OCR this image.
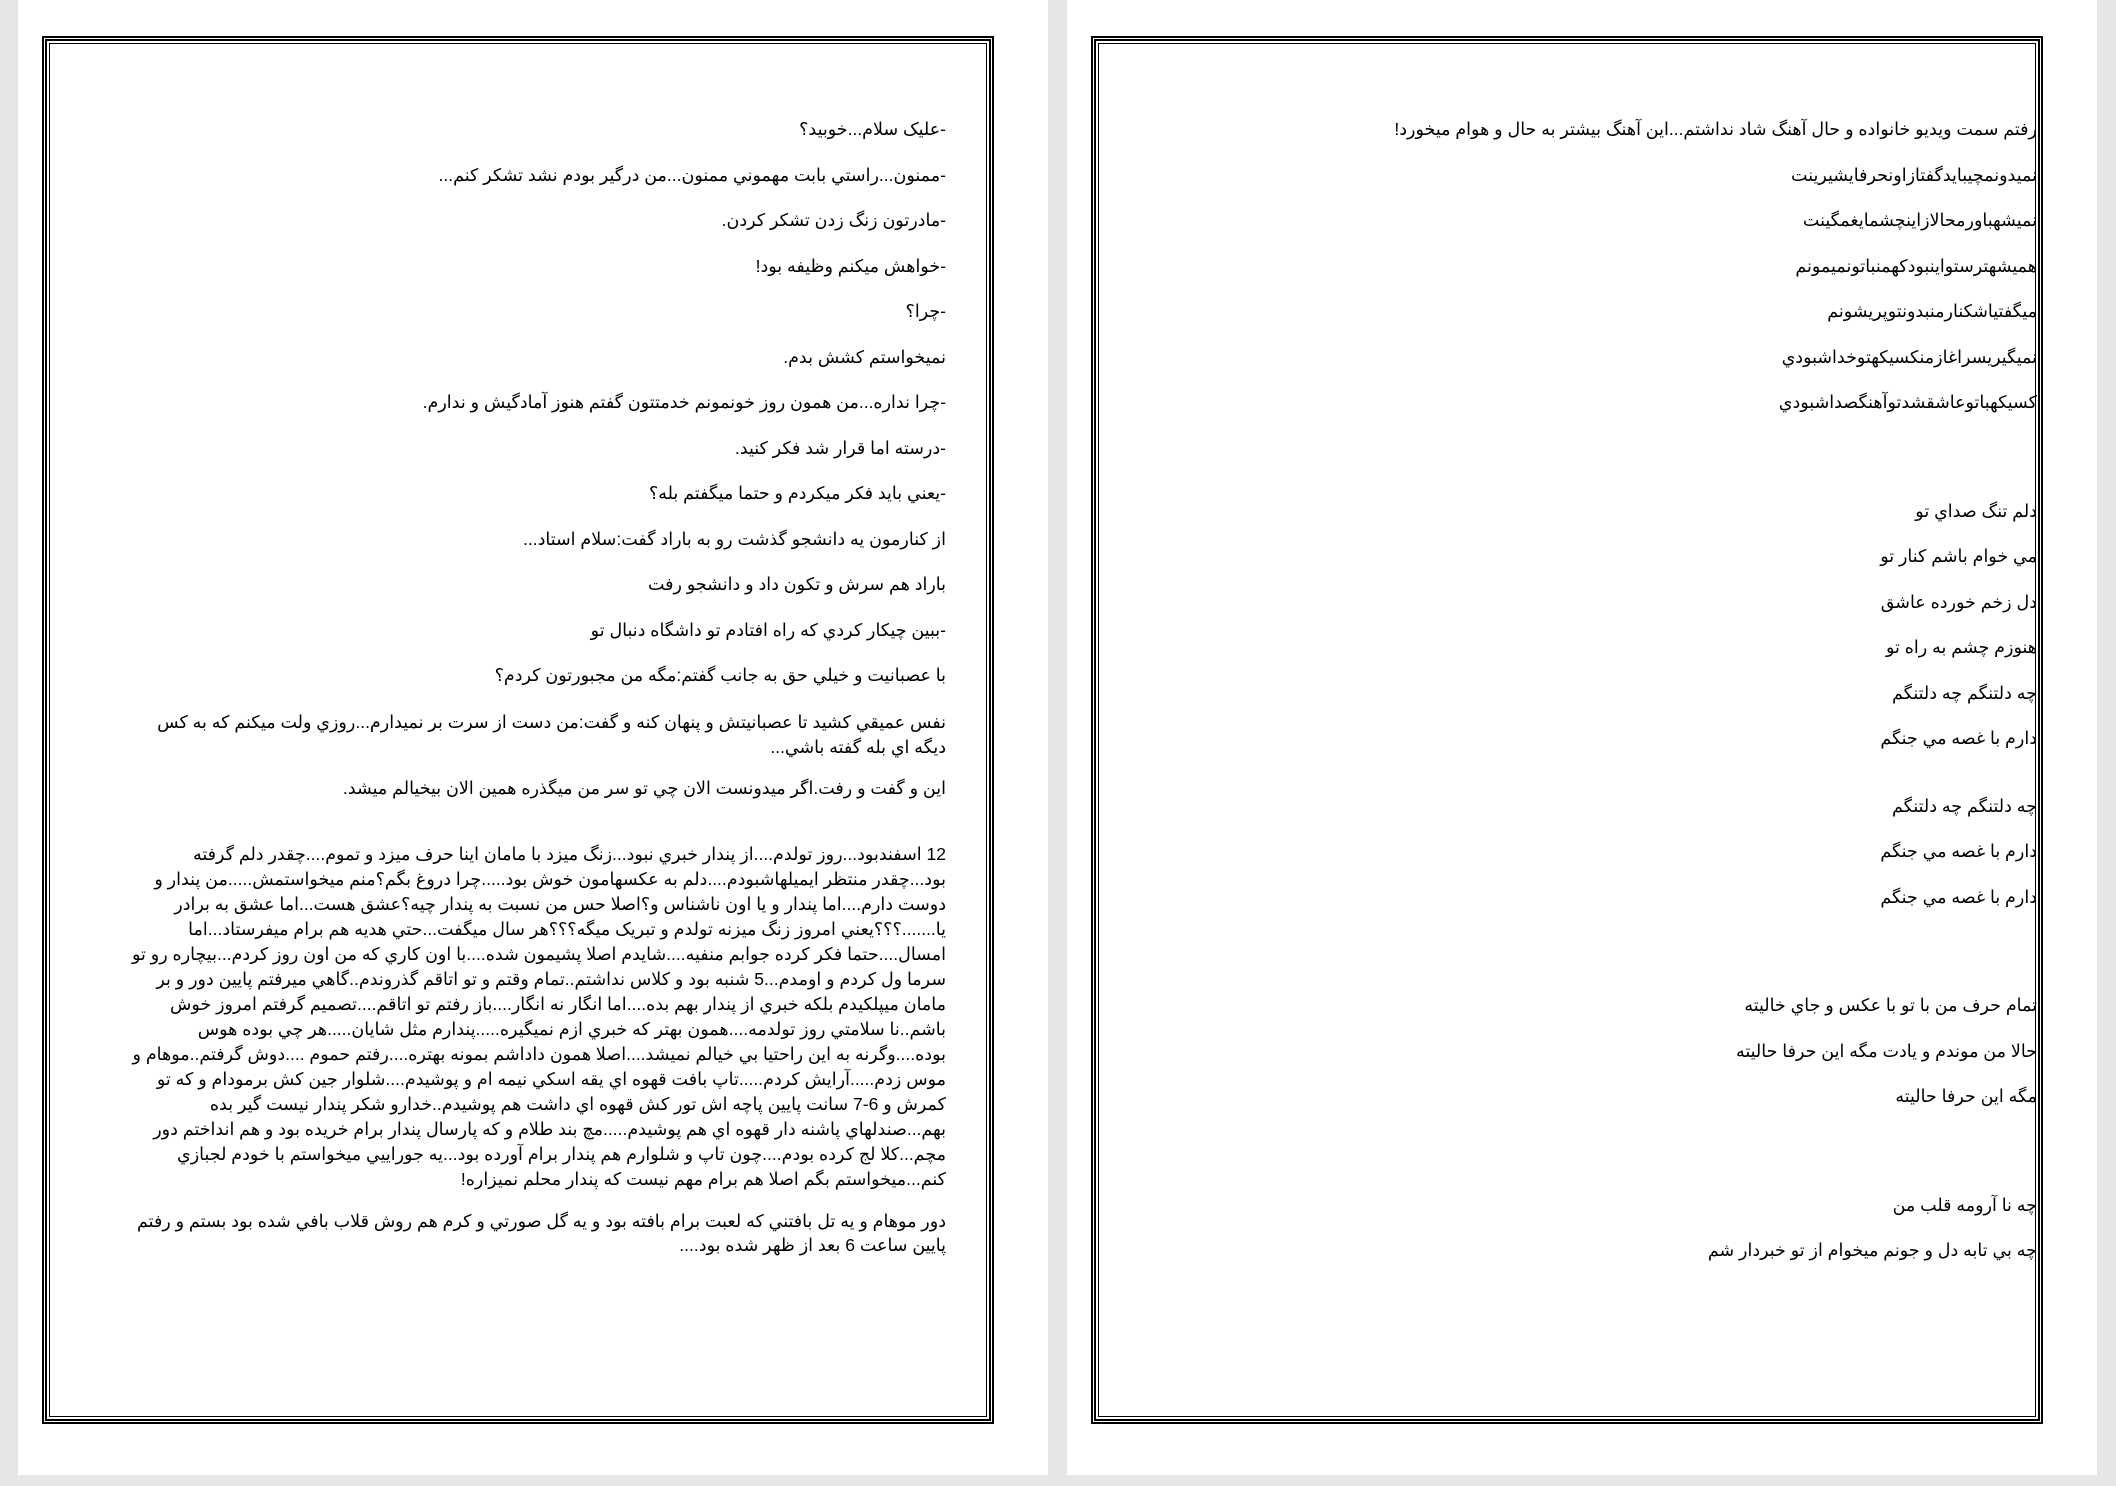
-عليک سلام...خوبید؟
-ممنون...راستي بابت مهموني ممنون...من درگیر بودم نشد تشکر کنم...
-مادرتون زنگ زدن تشکر کردن.
-خواهش میکنم وظیفه بود!
-چرا؟
نمیخواستم کشش بدم.
-چرا نداره...من همون روز خونمونم خدمتتون گفتم هنوز آمادگیش و ندارم.
-درسته اما قرار شد فکر کنید.
-یعني باید فکر میکردم و حتما میگفتم بله؟
از کنارمون یه دانشجو گذشت رو به باراد گفت:سلام استاد...
باراد هم سرش و تکون داد و دانشجو رفت
-ببین چیکار کردي که راه افتادم تو داشگاه دنبال تو
با عصبانیت و خیلي حق به جانب گفتم:مگه من مجبورتون کردم؟
نفس عمیقي کشید تا عصبانیتش و پنهان کنه و گفت:من دست از سرت بر نمیدارم...روزي ولت میکنم که به کس دیگه اي بله گفته باشي...
این و گفت و رفت.اگر میدونست الان چي تو سر من میگذره همین الان بیخیالم میشد.
12 اسفندبود...روز تولدم....از پندار خبري نبود...زنگ میزد با مامان اینا حرف میزد و تموم....چقدر دلم گرفته بود...چقدر منتظر ایمیلهاشبودم....دلم به عکسهامون خوش بود.....چرا دروغ بگم؟منم میخواستمش.....من پندار و دوست دارم....اما پندار و یا اون ناشناس و؟اصلا حس من نسبت به پندار چیه؟عشق هست...اما عشق به برادر یا.......؟؟؟یعني امروز زنگ میزنه تولدم و تبریک میگه؟؟؟هر سال میگفت...حتي هدیه هم برام میفرستاد...اما امسال....حتما فکر کرده جوابم منفیه....شایدم اصلا پشیمون شده....با اون کاري که من اون روز کردم...بیچاره رو تو سرما ول کردم و اومدم...5 شنبه بود و کلاس نداشتم..تمام وقتم و تو اتاقم گذروندم..گاهي میرفتم پایین دور و بر مامان میپلکیدم بلکه خبري از پندار بهم بده....اما انگار نه انگار....باز رفتم تو اتاقم....تصمیم گرفتم امروز خوش باشم..نا سلامتي روز تولدمه....همون بهتر که خبري ازم نمیگیره.....پندارم مثل شایان.....هر چي بوده هوس بوده....وگرنه به این راحتیا بي خیالم نمیشد....اصلا همون داداشم بمونه بهتره....رفتم حموم ....دوش گرفتم..موهام و موس زدم.....آرایش کردم.....تاپ بافت قهوه اي یقه اسکي نیمه ام و پوشیدم....شلوار جین کش برمودام و که تو کمرش و 6-7 سانت پایین پاچه اش تور کش قهوه اي داشت هم پوشیدم..خدارو شکر پندار نیست گیر بده بهم...صندلهاي پاشنه دار قهوه اي هم پوشیدم.....مچ بند طلام و که پارسال پندار برام خریده بود و هم انداختم دور مچم...کلا لج کرده بودم....چون تاپ و شلوارم هم پندار برام آورده بود...یه جوراییي میخواستم با خودم لجبازي کنم...میخواستم بگم اصلا هم برام مهم نیست که پندار محلم نمیزاره!
دور موهام و یه تل بافتني که لعبت برام بافته بود و یه گل صورتي و کرم هم روش قلاب بافي شده بود بستم و رفتم پایین ساعت 6 بعد از ظهر شده بود....
رفتم سمت ویدیو خانواده و حال آهنگ شاد نداشتم...این آهنگ بیشتر به حال و هوام میخورد!
نمیدونمچیبایدگفتازاونحرفایشیرینت
نمیشهباورمحالازاینچشمایغمگینت
همیشهترستواینبودکهمنباتونمیمونم
میگفتیاشکنارمنبدونتوپریشونم
نمیگیریسراغازمنکسیکهتوخداشبودي
کسیکهباتوعاشقشدتوآهنگصداشبودي
دلم تنگ صداي تو
مي خوام باشم کنار تو
دل زخم خورده عاشق
هنوزم چشم به راه تو
چه دلتنگم چه دلتنگم
دارم با غصه مي جنگم
چه دلتنگم چه دلتنگم
دارم با غصه مي جنگم
دارم با غصه مي جنگم
تمام حرف من با تو با عکس و جاي خالیته
حالا من موندم و یادت مگه این حرفا حالیته
مگه این حرفا حالیته
چه نا آرومه قلب من
چه بي تابه دل و جونم میخوام از تو خبردار شم
